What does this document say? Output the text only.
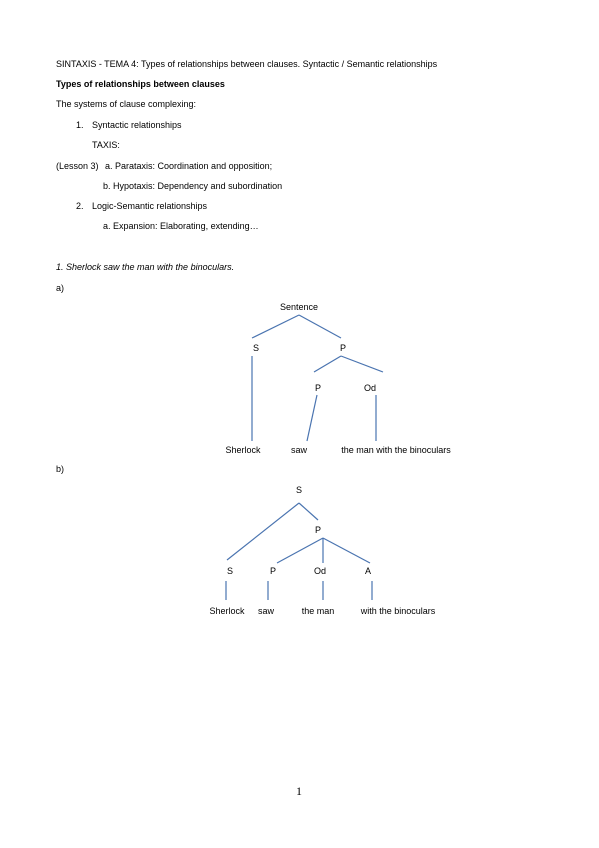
SINTAXIS - TEMA 4: Types of relationships between clauses. Syntactic / Semantic relationships
Types of relationships between clauses
The systems of clause complexing:
1. Syntactic relationships
TAXIS:
(Lesson 3) a. Parataxis: Coordination and opposition;
b. Hypotaxis: Dependency and subordination
2. Logic-Semantic relationships
a. Expansion: Elaborating, extending…
1. Sherlock saw the man with the binoculars.
a)
Sentence
S	P
P	Od
Sherlock	saw	the man with the binoculars
b)
S
P
S	P	Od	A
Sherlock saw	the man	with the binoculars
1
